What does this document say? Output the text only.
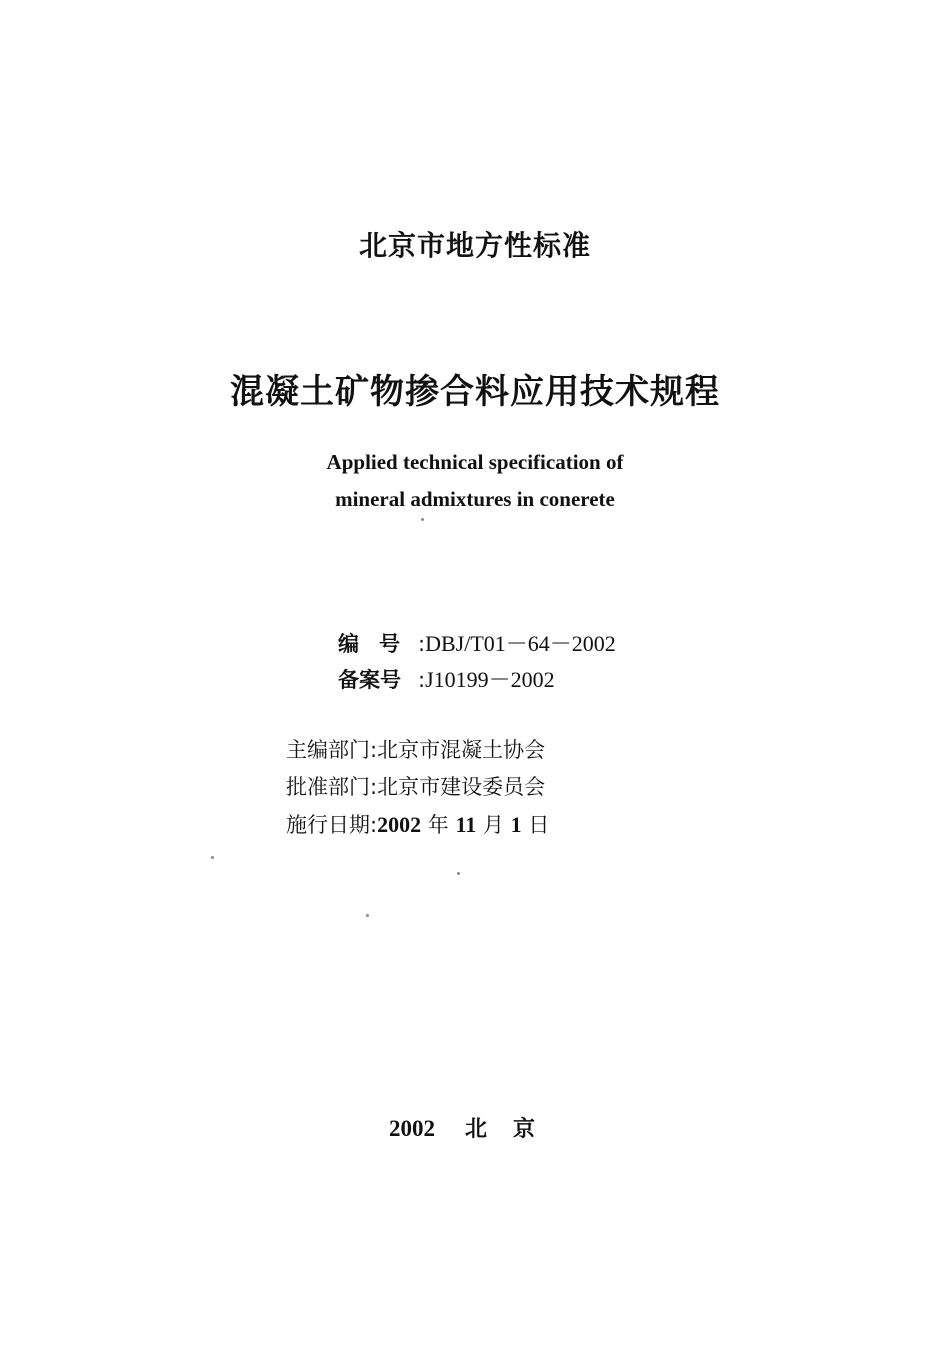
北京市地方性标准
混凝土矿物掺合料应用技术规程
Applied technical specification of
mineral admixtures in conerete
编号:DBJ/T01－64－2002
备案号 :J10199－2002
主编部门:北京市混凝土协会
批准部门:北京市建设委员会
施行日期:2002 年 11 月 1 日
2002 北京
